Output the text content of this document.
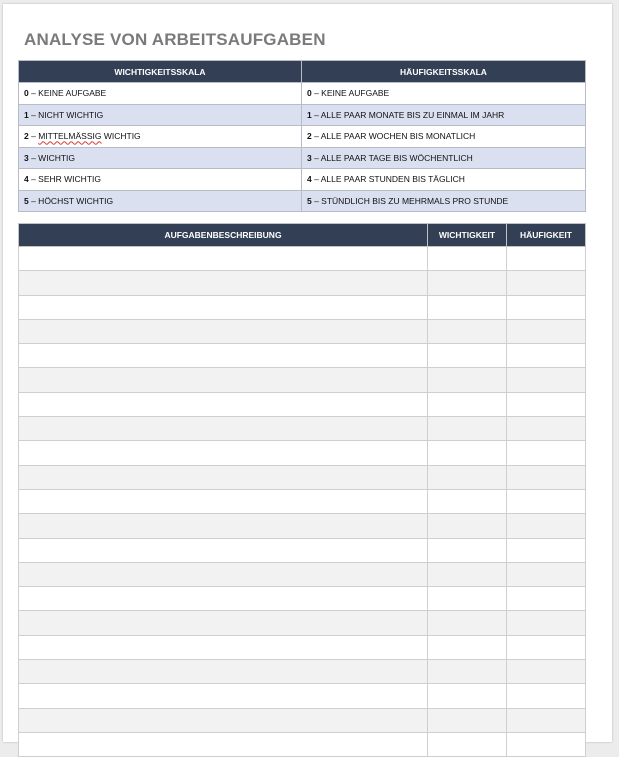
ANALYSE VON ARBEITSAUFGABEN
WICHTIGKEITSSKALA	HÄUFIGKEITSSKALA
0 – KEINE AUFGABE	0 – KEINE AUFGABE
1 – NICHT WICHTIG	1 – ALLE PAAR MONATE BIS ZU EINMAL IM JAHR
2 – MITTELMÄSSIG WICHTIG	2 – ALLE PAAR WOCHEN BIS MONATLICH
3 – WICHTIG	3 – ALLE PAAR TAGE BIS WÖCHENTLICH
4 – SEHR WICHTIG	4 – ALLE PAAR STUNDEN BIS TÄGLICH
5 – HÖCHST WICHTIG	5 – STÜNDLICH BIS ZU MEHRMALS PRO STUNDE
AUFGABENBESCHREIBUNG	WICHTIGKEIT	HÄUFIGKEIT
